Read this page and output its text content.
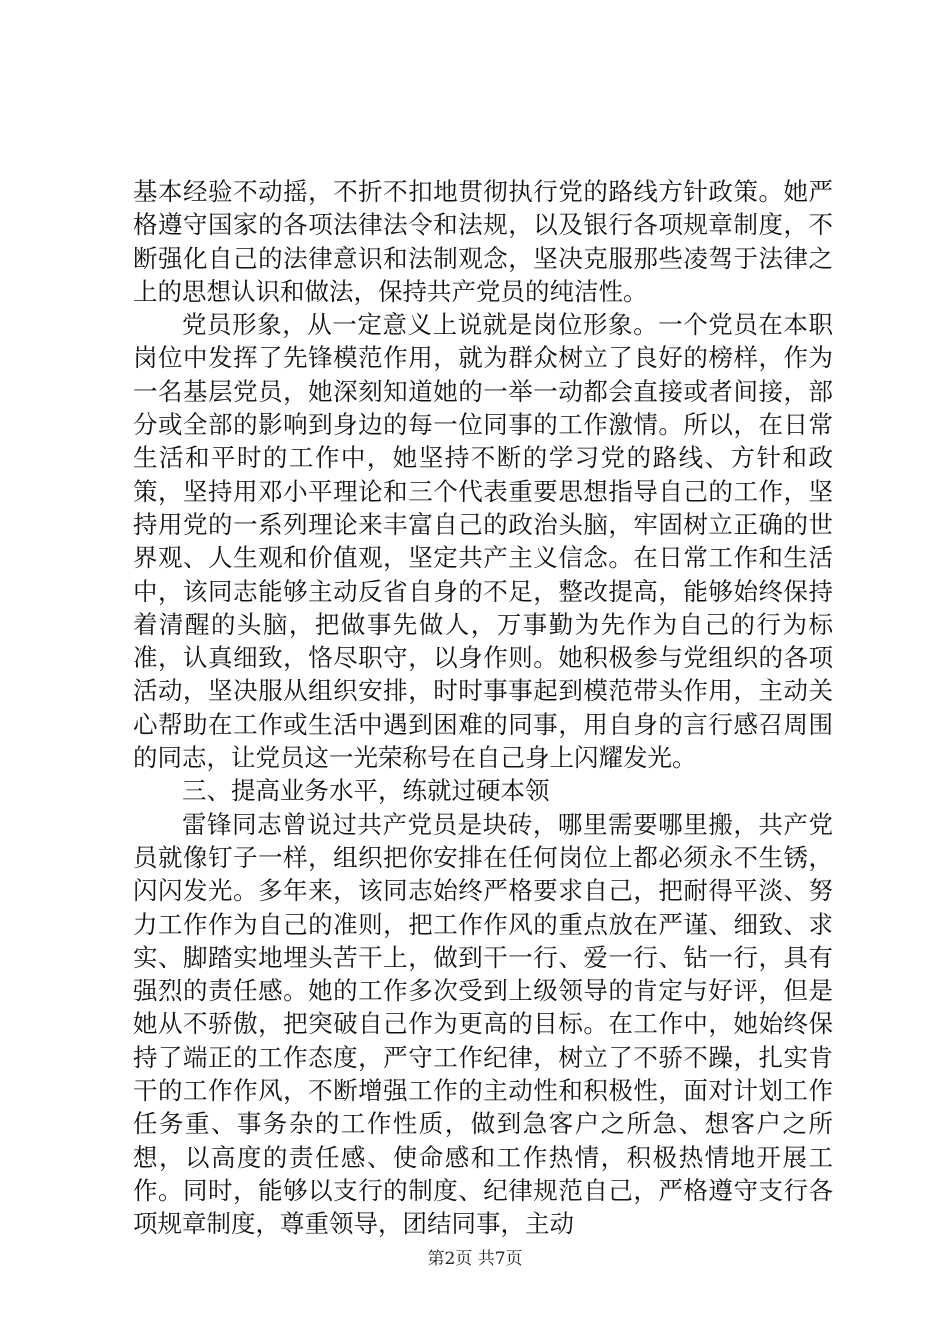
基本经验不动摇，不折不扣地贯彻执行党的路线方针政策。她严格遵守国家的各项法律法令和法规，以及银行各项规章制度，不断强化自己的法律意识和法制观念，坚决克服那些凌驾于法律之上的思想认识和做法，保持共产党员的纯洁性。

党员形象，从一定意义上说就是岗位形象。一个党员在本职岗位中发挥了先锋模范作用，就为群众树立了良好的榜样，作为一名基层党员，她深刻知道她的一举一动都会直接或者间接，部分或全部的影响到身边的每一位同事的工作激情。所以，在日常生活和平时的工作中，她坚持不断的学习党的路线、方针和政策，坚持用邓小平理论和三个代表重要思想指导自己的工作，坚持用党的一系列理论来丰富自己的政治头脑，牢固树立正确的世界观、人生观和价值观，坚定共产主义信念。在日常工作和生活中，该同志能够主动反省自身的不足，整改提高，能够始终保持着清醒的头脑，把做事先做人，万事勤为先作为自己的行为标准，认真细致，恪尽职守，以身作则。她积极参与党组织的各项活动，坚决服从组织安排，时时事事起到模范带头作用，主动关心帮助在工作或生活中遇到困难的同事，用自身的言行感召周围的同志，让党员这一光荣称号在自己身上闪耀发光。

三、提高业务水平，练就过硬本领

雷锋同志曾说过共产党员是块砖，哪里需要哪里搬，共产党员就像钉子一样，组织把你安排在任何岗位上都必须永不生锈，闪闪发光。多年来，该同志始终严格要求自己，把耐得平淡、努力工作作为自己的准则，把工作作风的重点放在严谨、细致、求实、脚踏实地埋头苦干上，做到干一行、爱一行、钻一行，具有强烈的责任感。她的工作多次受到上级领导的肯定与好评，但是她从不骄傲，把突破自己作为更高的目标。在工作中，她始终保持了端正的工作态度，严守工作纪律，树立了不骄不躁，扎实肯干的工作作风，不断增强工作的主动性和积极性，面对计划工作任务重、事务杂的工作性质，做到急客户之所急、想客户之所想，以高度的责任感、使命感和工作热情，积极热情地开展工作。同时，能够以支行的制度、纪律规范自己，严格遵守支行各项规章制度，尊重领导，团结同事，主动

第2页 共7页
